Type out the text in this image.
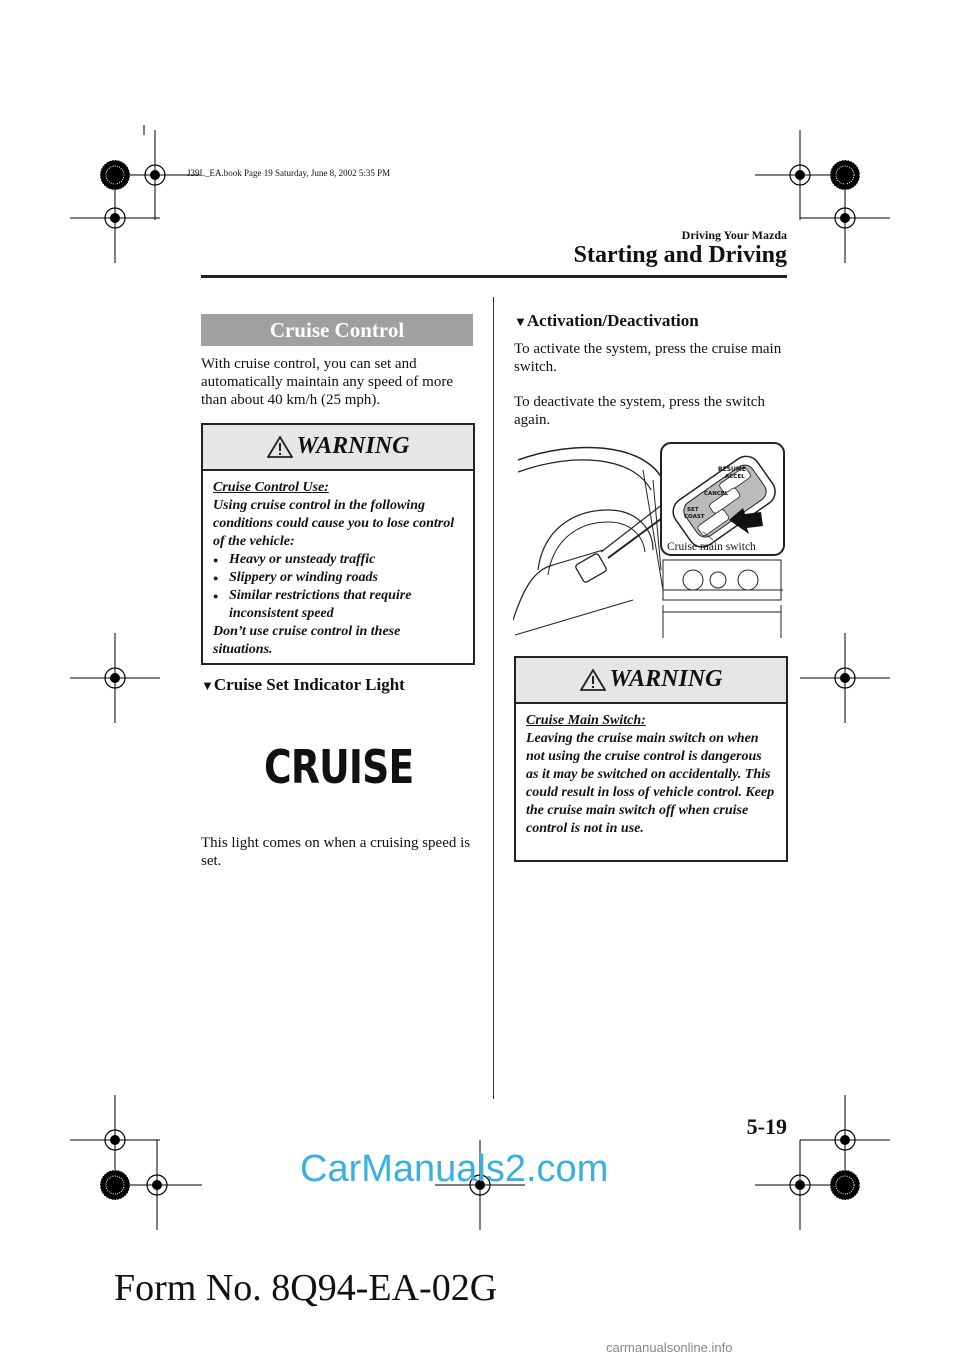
J39L_EA.book Page 19 Saturday, June 8, 2002 5:35 PM
Driving Your Mazda
Starting and Driving
Cruise Control
With cruise control, you can set and automatically maintain any speed of more than about 40 km/h (25 mph).
WARNING
Cruise Control Use:
Using cruise control in the following conditions could cause you to lose control of the vehicle:
● Heavy or unsteady traffic
● Slippery or winding roads
● Similar restrictions that require inconsistent speed
Don’t use cruise control in these situations.
▼Cruise Set Indicator Light
CRUISE
This light comes on when a cruising speed is set.
▼Activation/Deactivation
To activate the system, press the cruise main switch.
To deactivate the system, press the switch again.
RESUME
ACCEL
CANCEL
SET
COAST
Cruise main switch
WARNING
Cruise Main Switch:
Leaving the cruise main switch on when not using the cruise control is dangerous as it may be switched on accidentally. This could result in loss of vehicle control. Keep the cruise main switch off when cruise control is not in use.
5-19
CarManuals2.com
Form No. 8Q94-EA-02G
carmanualsonline.info
